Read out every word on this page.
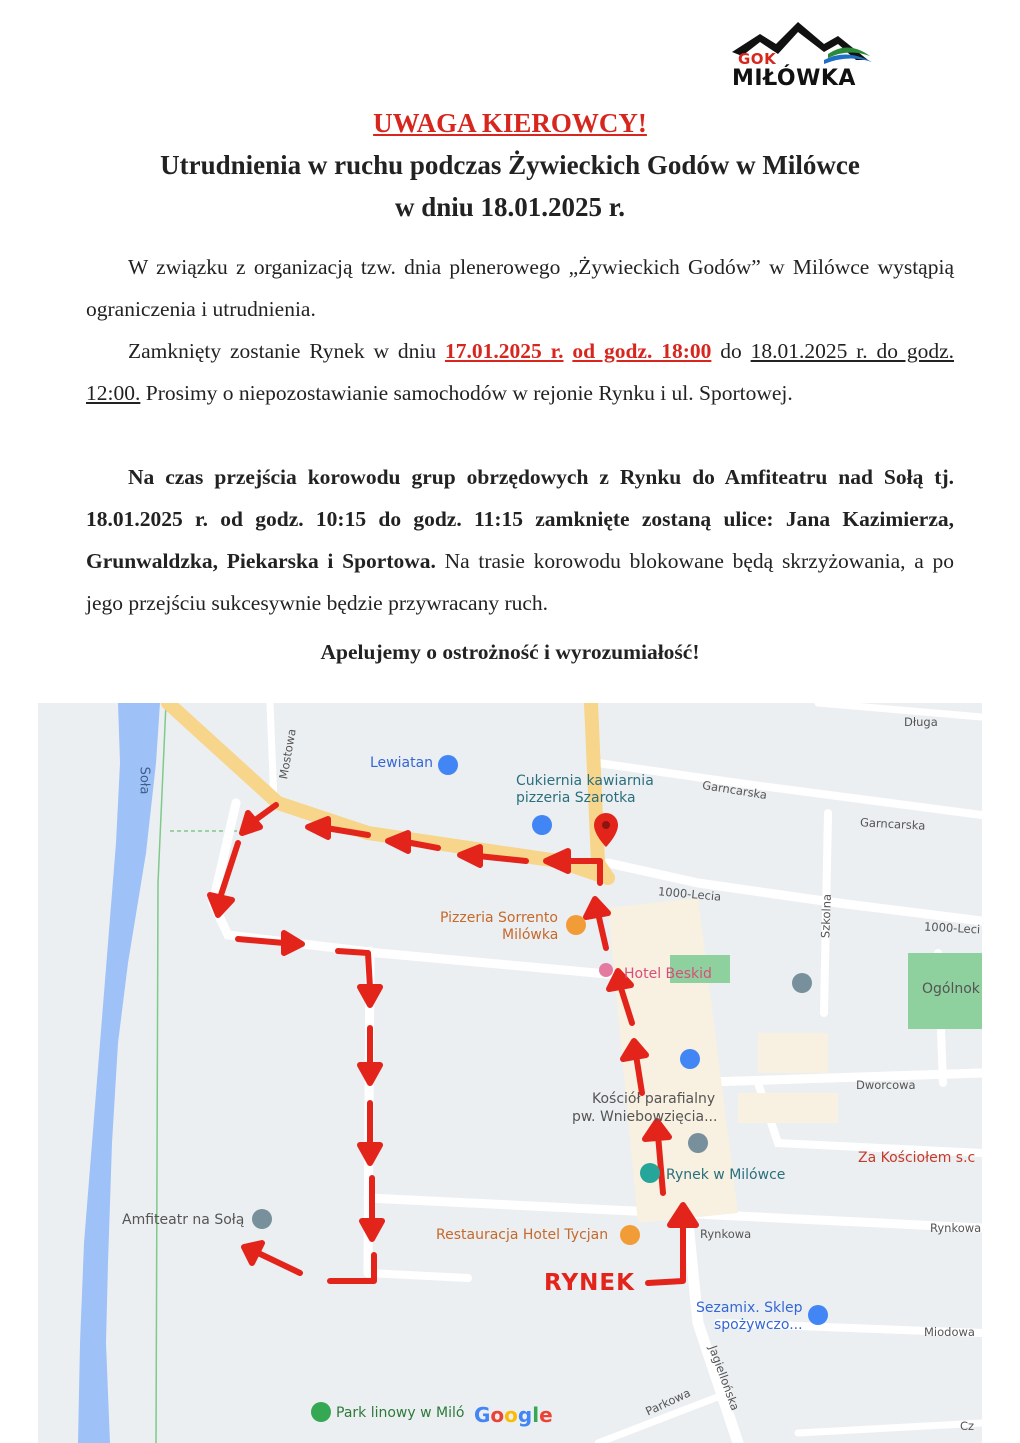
GOK
MIŁÓWKA
UWAGA KIEROWCY!
Utrudnienia w ruchu podczas Żywieckich Godów w Milówce
w dniu 18.01.2025 r.
W związku z organizacją tzw. dnia plenerowego „Żywieckich Godów” w Milówce wystąpią ograniczenia i utrudnienia.
Zamknięty zostanie Rynek w dniu 17.01.2025 r. od godz. 18:00 do 18.01.2025 r. do godz. 12:00. Prosimy o niepozostawianie samochodów w rejonie Rynku i ul. Sportowej.
Na czas przejścia korowodu grup obrzędowych z Rynku do Amfiteatru nad Sołą tj. 18.01.2025 r. od godz. 10:15 do godz. 11:15 zamknięte zostaną ulice: Jana Kazimierza, Grunwaldzka, Piekarska i Sportowa. Na trasie korowodu blokowane będą skrzyżowania, a po jego przejściu sukcesywnie będzie przywracany ruch.
Apelujemy o ostrożność i wyrozumiałość!
Długa
Garncarska
Garncarska
Mostowa
1000-Lecia
1000-Leci
Szkolna
Dworcowa
Rynkowa	Rynkowa
Miodowa
Jagiellońska
Parkowa
Cz
Soła
Lewiatan
Cukiernia kawiarnia
pizzeria Szarotka
Pizzeria Sorrento
Milówka
Hotel Beskid
Ogólnok
Kościół parafialny
pw. Wniebowzięcia...
Za Kościołem s.c
Rynek w Milówce
Amfiteatr na Sołą
Restauracja Hotel Tycjan
Sezamix. Sklep
spożywczo...
Park linowy w Miló
RYNEK
Google
